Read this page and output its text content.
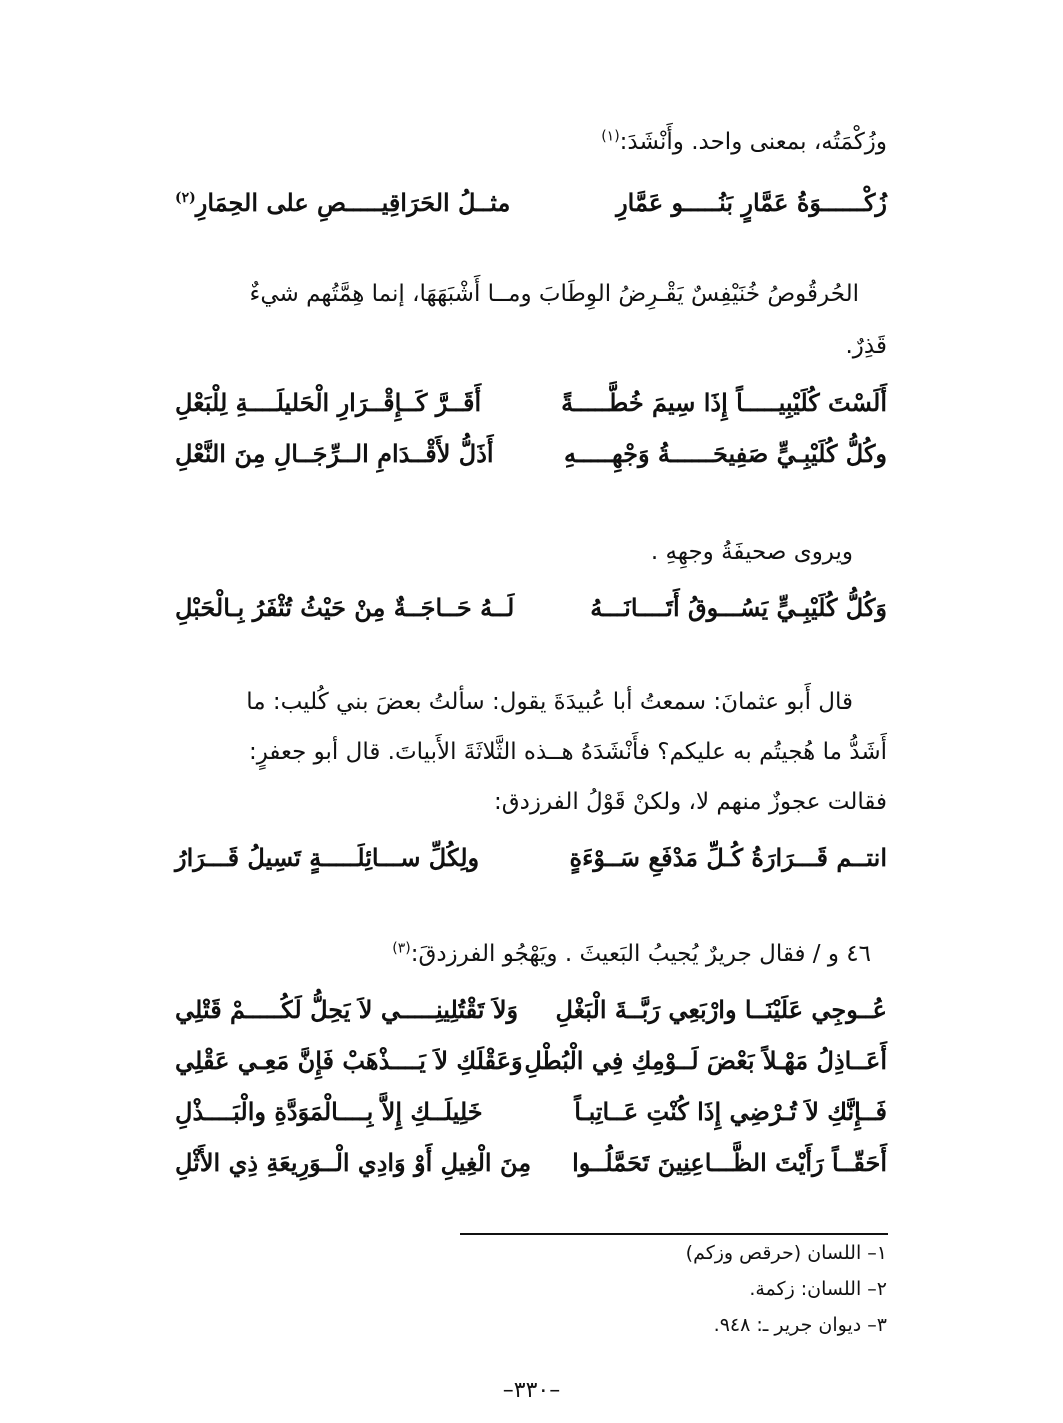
وزُكْمَتُه، بمعنى واحد. وأَنْشَدَ:$^{(١)}$
زُكْــــــوَةُ عَمَّارٍ بَنُـــــو عَمَّارِ
مثــلُ الحَرَاقِيـــــصِ على الحِمَارِ$^{(٢)}$
الحُرقُوصُ خُنَيْفِسٌ يَقْـرِضُ الوِطَابَ ومــا أَشْبَهَهَا، إنما هِمَّتُهم شيءٌ
قَذِرٌ.
أَلَسْتَ كُلَيْبِيـــــاً إِذَا سِيمَ خُطَّـــــةً
أَقَــرَّ كَــإِقْــرَارِ الْحَليلَــــةِ لِلْبَعْلِ
وكُلُّ كُلَيْبِـيٍّ صَفِيحَــــــةُ وَجْهِـــــهِ
أَذَلُّ لأَقْــدَامِ الــرِّجَــالِ مِنَ النَّعْلِ
ويروى صحيفَةُ وجهِهِ .
وَكُلُّ كُلَيْبِـيٍّ يَسُـــوقُ أَتَــــانَـــهُ
لَــهُ حَــاجَــةٌ مِنْ حَيْثُ تُثْفَرُ بِـالْحَبْلِ
قال أَبو عثمانَ: سمعتُ أبا عُبيدَةَ يقول: سألتُ بعضَ بني كُليب: ما
أَشَدُّ ما هُجيتُم به عليكم؟ فأَنْشَدَهُ هــذه الثَّلاثَةَ الأَبياتَ. قال أبو جعفرٍ:
فقالت عجوزٌ منهم لا، ولكنْ قَوْلُ الفرزدق:
انتــم قَـــرَارَةُ كُـلِّ مَدْفَعِ سَــوْءَةٍ
ولِكُلِّ ســـائِلَـــــةٍ تَسِيلُ قَـــرَارُ
٤٦ و / فقال جريرٌ يُجيبُ البَعيثَ . ويَهْجُو الفرزدقَ:$^{(٣)}$
عُــوجِي عَلَيْنَــا وارْبَعِي رَبَّــةَ الْبَغْلِ
وَلاَ تَقْتُلِينِـــــي لاَ يَحِلُّ لَكُـــــمْ قَتْلِي
أَعَــاذِلُ مَهْـلاً بَعْضَ لَــوْمِكِ فِي الْبُطْلِ
وَعَقْلَكِ لاَ يَــــذْهَبْ فَإِنَّ مَعِـي عَقْلِي
فَــإِنَّكِ لاَ تُـرْضِي إِذَا كُنْتِ عَــاتِبـاً
خَلِيلَــكِ إِلاَّ بِــــالْمَوَدَّةِ والْبَــــذْلِ
أَحَقّــاً رَأَيْتَ الظَّـــاعِنِينَ تَحَمَّلُــوا
مِنَ الْغِيلِ أَوْ وَادِي الْــوَرِيعَةِ ذِي الأَثْلِ
١– اللسان (حرقص وزكم)
٢– اللسان: زكمة.
٣– ديوان جرير ـ: ٩٤٨.
–٣٣٠–
